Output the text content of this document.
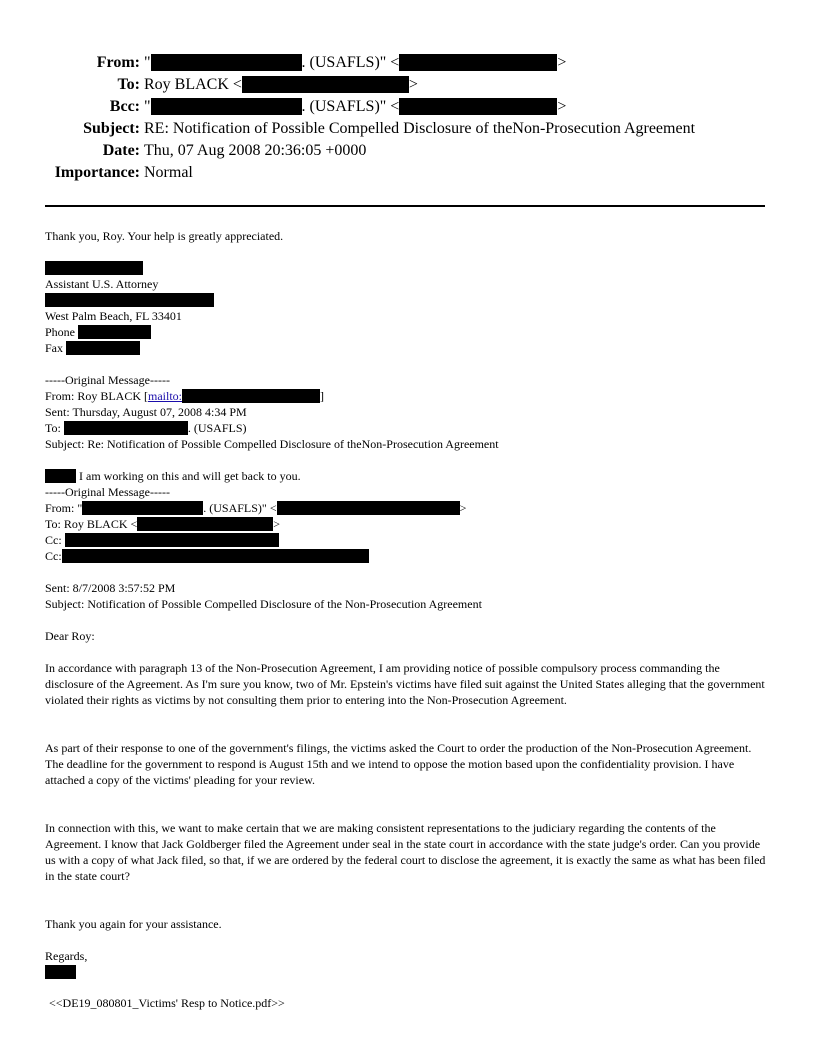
From: "	. (USAFLS)" <	>
To: Roy BLACK <	>
Bcc: "	. (USAFLS)" <	>
Subject: RE: Notification of Possible Compelled Disclosure of theNon-Prosecution Agreement
Date: Thu, 07 Aug 2008 20:36:05 +0000
Importance: Normal

Thank you, Roy. Your help is greatly appreciated.

Assistant U.S. Attorney

West Palm Beach, FL 33401

Phone

Fax

-----Original Message-----

From: Roy BLACK [mailto:	]

Sent: Thursday, August 07, 2008 4:34 PM

To:	. (USAFLS)

Subject: Re: Notification of Possible Compelled Disclosure of theNon-Prosecution Agreement

I am working on this and will get back to you.

-----Original Message-----

From: "	. (USAFLS)" <	>

To: Roy BLACK <	>

Cc:

Cc:

Sent: 8/7/2008 3:57:52 PM

Subject: Notification of Possible Compelled Disclosure of the Non-Prosecution Agreement

Dear Roy:

In accordance with paragraph 13 of the Non-Prosecution Agreement, I am providing notice of possible compulsory process commanding the disclosure of the Agreement. As I'm sure you know, two of Mr. Epstein's victims have filed suit against the United States alleging that the government violated their rights as victims by not consulting them prior to entering into the Non-Prosecution Agreement.

As part of their response to one of the government's filings, the victims asked the Court to order the production of the Non-Prosecution Agreement. The deadline for the government to respond is August 15th and we intend to oppose the motion based upon the confidentiality provision. I have attached a copy of the victims' pleading for your review.

In connection with this, we want to make certain that we are making consistent representations to the judiciary regarding the contents of the Agreement. I know that Jack Goldberger filed the Agreement under seal in the state court in accordance with the state judge's order. Can you provide us with a copy of what Jack filed, so that, if we are ordered by the federal court to disclose the agreement, it is exactly the same as what has been filed in the state court?

Thank you again for your assistance.

Regards,

<<DE19_080801_Victims' Resp to Notice.pdf>>
